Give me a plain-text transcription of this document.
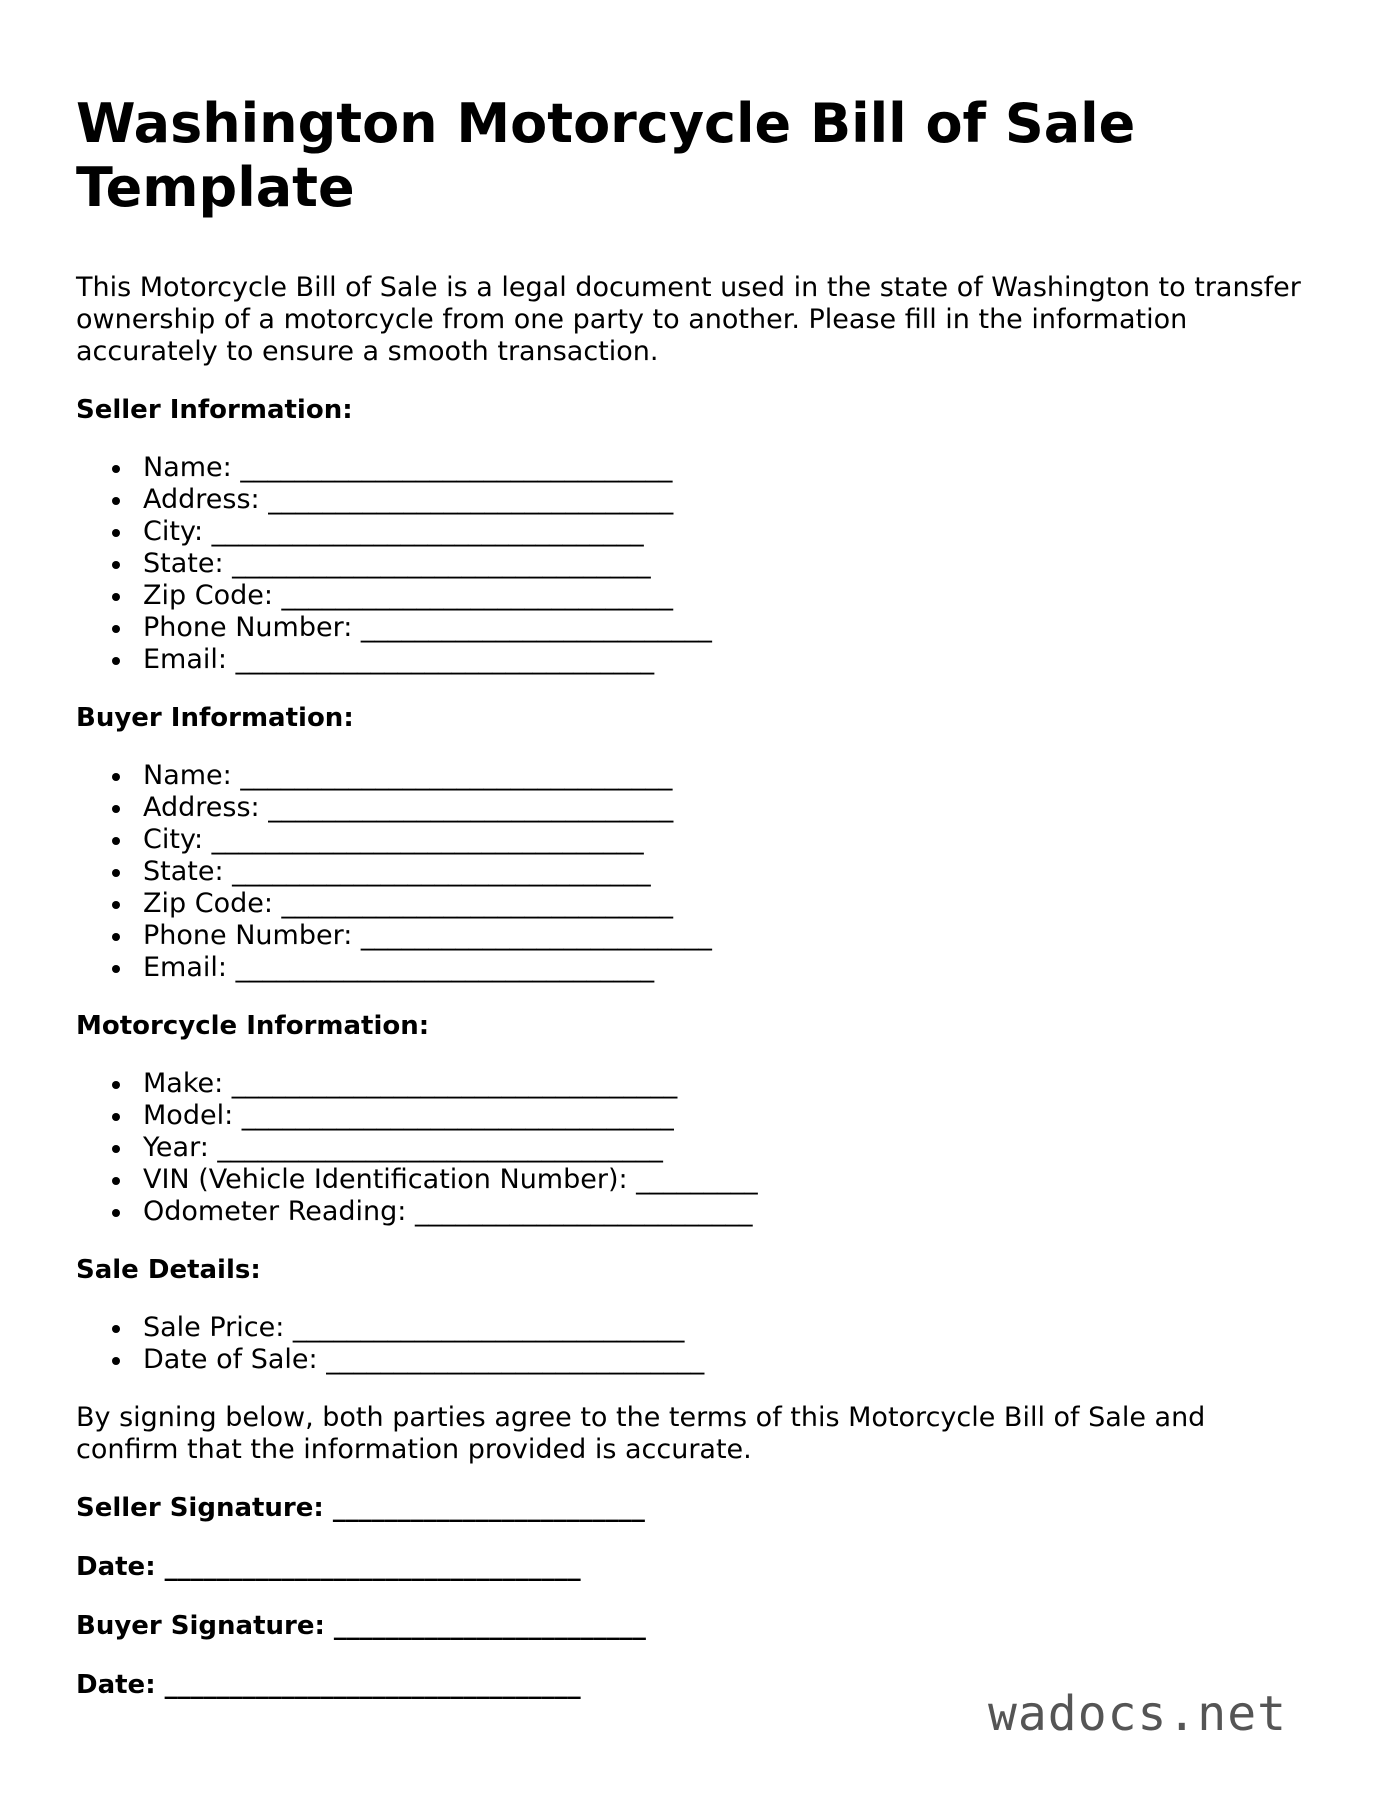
Washington Motorcycle Bill of Sale Template

This Motorcycle Bill of Sale is a legal document used in the state of Washington to transfer ownership of a motorcycle from one party to another. Please fill in the information accurately to ensure a smooth transaction.

Seller Information:
Name: ________________________________
Address: ______________________________
City: ________________________________
State: _______________________________
Zip Code: _____________________________
Phone Number: __________________________
Email: _______________________________
Buyer Information:
Name: ________________________________
Address: ______________________________
City: ________________________________
State: _______________________________
Zip Code: _____________________________
Phone Number: __________________________
Email: _______________________________
Motorcycle Information:
Make: _________________________________
Model: ________________________________
Year: _________________________________
VIN (Vehicle Identification Number): _________
Odometer Reading: _________________________
Sale Details:
Sale Price: _____________________________
Date of Sale: ____________________________

By signing below, both parties agree to the terms of this Motorcycle Bill of Sale and confirm that the information provided is accurate.

Seller Signature: ________________________
Date: ________________________________
Buyer Signature: ________________________
Date: ________________________________
wadocs.net
